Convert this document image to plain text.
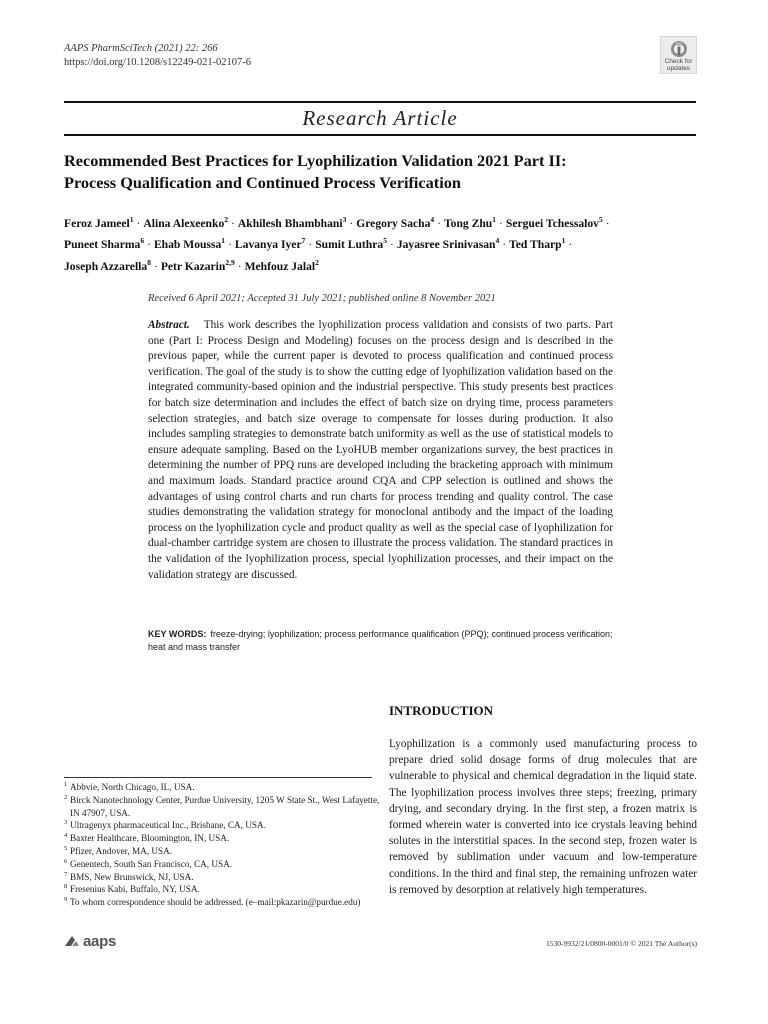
AAPS PharmSciTech (2021) 22: 266
https://doi.org/10.1208/s12249-021-02107-6	Check for
updates
Research Article
Recommended Best Practices for Lyophilization Validation 2021 Part II:
Process Qualification and Continued Process Verification
Feroz Jameel$^1$ · Alina Alexeenko$^2$ · Akhilesh Bhambhani$^3$ · Gregory Sacha$^4$ · Tong Zhu$^1$ · Serguei Tchessalov$^5$ ·
Puneet Sharma$^6$ · Ehab Moussa$^1$ · Lavanya Iyer$^7$ · Sumit Luthra$^5$ · Jayasree Srinivasan$^4$ · Ted Tharp$^1$ ·
Joseph Azzarella$^8$ · Petr Kazarin$^{2,9}$ · Mehfouz Jalal$^2$
Received 6 April 2021; Accepted 31 July 2021; published online 8 November 2021

Abstract. This work describes the lyophilization process validation and consists of two parts. Part one (Part I: Process Design and Modeling) focuses on the process design and is described in the previous paper, while the current paper is devoted to process qualification and continued process verification. The goal of the study is to show the cutting edge of lyophilization validation based on the integrated community-based opinion and the industrial perspective. This study presents best practices for batch size determination and includes the effect of batch size on drying time, process parameters selection strategies, and batch size overage to compensate for losses during production. It also includes sampling strategies to demonstrate batch uniformity as well as the use of statistical models to ensure adequate sampling. Based on the LyoHUB member organizations survey, the best practices in determining the number of PPQ runs are developed including the bracketing approach with minimum and maximum loads. Standard practice around CQA and CPP selection is outlined and shows the advantages of using control charts and run charts for process trending and quality control. The case studies demonstrating the validation strategy for monoclonal antibody and the impact of the loading process on the lyophilization cycle and product quality as well as the special case of lyophilization for dual-chamber cartridge system are chosen to illustrate the process validation. The standard practices in the validation of the lyophilization process, special lyophilization processes, and their impact on the validation strategy are discussed.

KEY WORDS: freeze-drying; lyophilization; process performance qualification (PPQ); continued process verification; heat and mass transfer

INTRODUCTION

Lyophilization is a commonly used manufacturing process to prepare dried solid dosage forms of drug molecules that are vulnerable to physical and chemical degradation in the liquid state. The lyophilization process involves three steps; freezing, primary drying, and secondary drying. In the first step, a frozen matrix is formed wherein water is converted into ice crystals leaving behind solutes in the interstitial spaces. In the second step, frozen water is removed by sublimation under vacuum and low-temperature conditions. In the third and final step, the remaining unfrozen water is removed by desorption at relatively high temperatures.

1 Abbvie, North Chicago, IL, USA.
2 Birck Nanotechnology Center, Purdue University, 1205 W State St., West Lafayette, IN 47907, USA.
3 Ultragenyx pharmaceutical Inc., Brisbane, CA, USA.
4 Baxter Healthcare, Bloomington, IN, USA.
5 Pfizer, Andover, MA, USA.
6 Genentech, South San Francisco, CA, USA.
7 BMS, New Brunswick, NJ, USA.
8 Fresenius Kabi, Buffalo, NY, USA.
9 To whom correspondence should be addressed. (e–mail:pkazarin@purdue.edu)
aaps	1530-9932/21/0800-0001/0 © 2021 The Author(s)
